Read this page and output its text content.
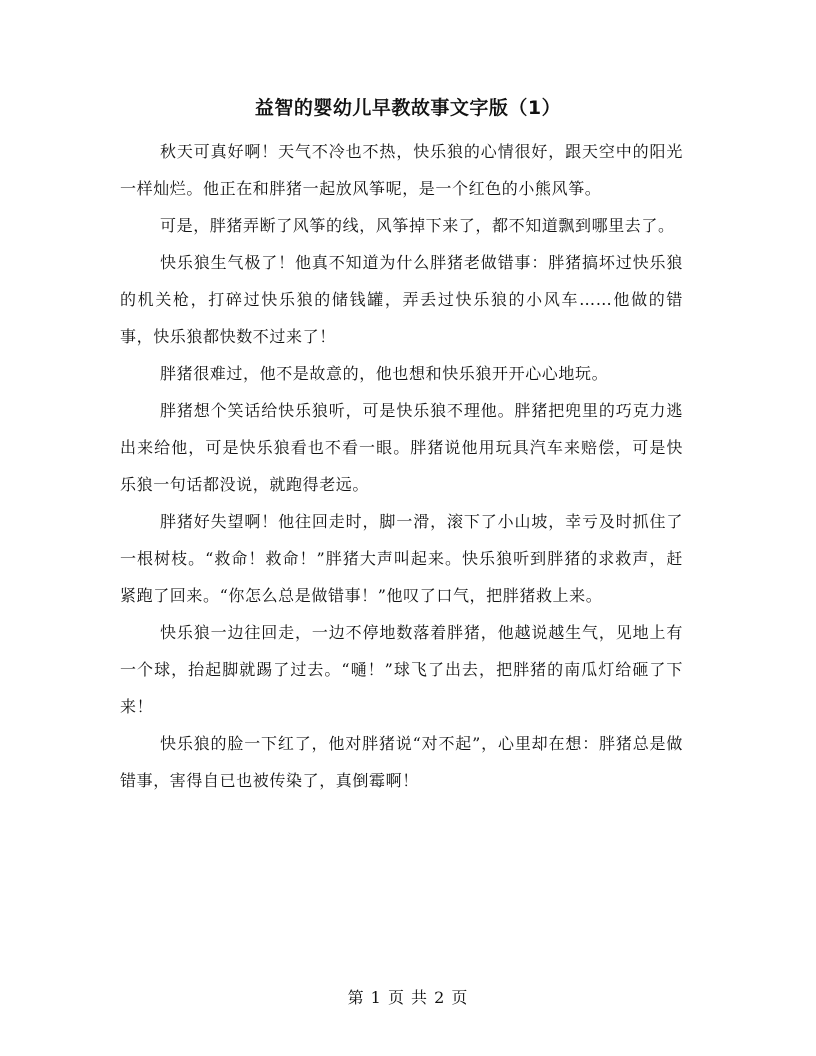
益智的婴幼儿早教故事文字版（1）

秋天可真好啊！天气不冷也不热，快乐狼的心情很好，跟天空中的阳光一样灿烂。他正在和胖猪一起放风筝呢，是一个红色的小熊风筝。

可是，胖猪弄断了风筝的线，风筝掉下来了，都不知道飘到哪里去了。

快乐狼生气极了！他真不知道为什么胖猪老做错事：胖猪搞坏过快乐狼的机关枪，打碎过快乐狼的储钱罐，弄丢过快乐狼的小风车……他做的错事，快乐狼都快数不过来了！

胖猪很难过，他不是故意的，他也想和快乐狼开开心心地玩。

胖猪想个笑话给快乐狼听，可是快乐狼不理他。胖猪把兜里的巧克力逃出来给他，可是快乐狼看也不看一眼。胖猪说他用玩具汽车来赔偿，可是快乐狼一句话都没说，就跑得老远。

胖猪好失望啊！他往回走时，脚一滑，滚下了小山坡，幸亏及时抓住了一根树枝。“救命！救命！”胖猪大声叫起来。快乐狼听到胖猪的求救声，赶紧跑了回来。“你怎么总是做错事！”他叹了口气，把胖猪救上来。

快乐狼一边往回走，一边不停地数落着胖猪，他越说越生气，见地上有一个球，抬起脚就踢了过去。“嗵！”球飞了出去，把胖猪的南瓜灯给砸了下来！

快乐狼的脸一下红了，他对胖猪说“对不起”，心里却在想：胖猪总是做错事，害得自已也被传染了，真倒霉啊！

第 1 页 共 2 页
